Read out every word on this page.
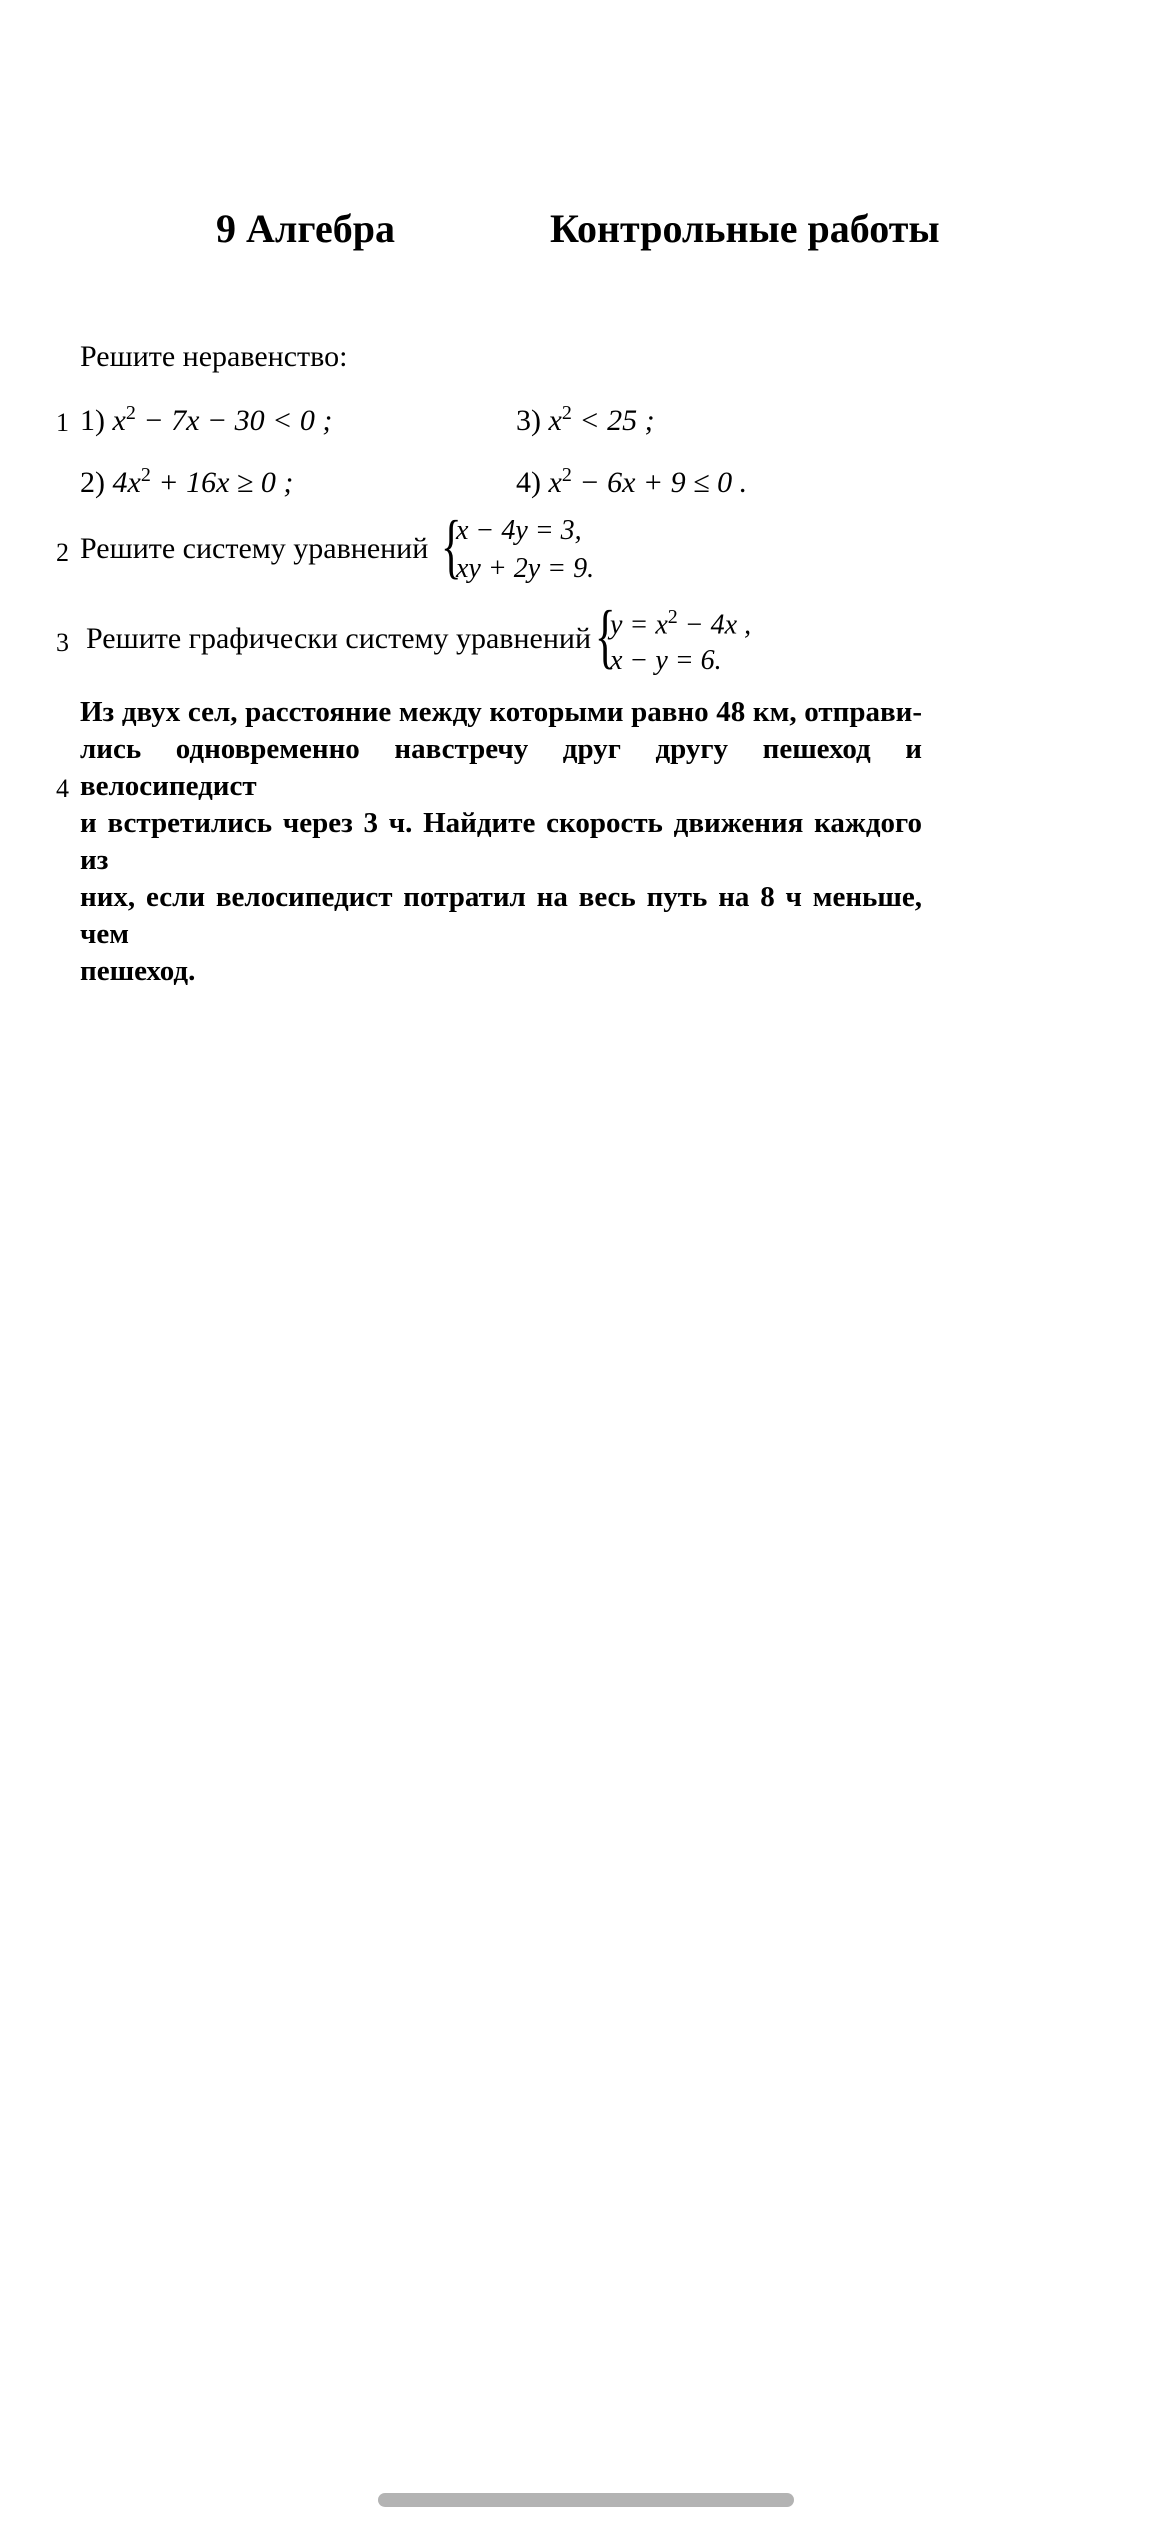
9 Алгебра	Контрольные работы
Решите неравенство:
1 1) $x^2 - 7x - 30 < 0$ ;	3) $x^2 < 25$ ;
2) $4x^2 + 16x \ge 0$ ;	4) $x^2 - 6x + 9 \le 0$ .
2 Решите систему уравнений {
x − 4y = 3,
xy + 2y = 9.
3 Решите графически систему уравнений {
$y = x^2 - 4x$ ,
x − y = 6.
4
Из двух сел, расстояние между которыми равно 48 км, отправи-
лись одновременно навстречу друг другу пешеход и велосипедист
и встретились через 3 ч. Найдите скорость движения каждого из
них, если велосипедист потратил на весь путь на 8 ч меньше, чем
пешеход.
